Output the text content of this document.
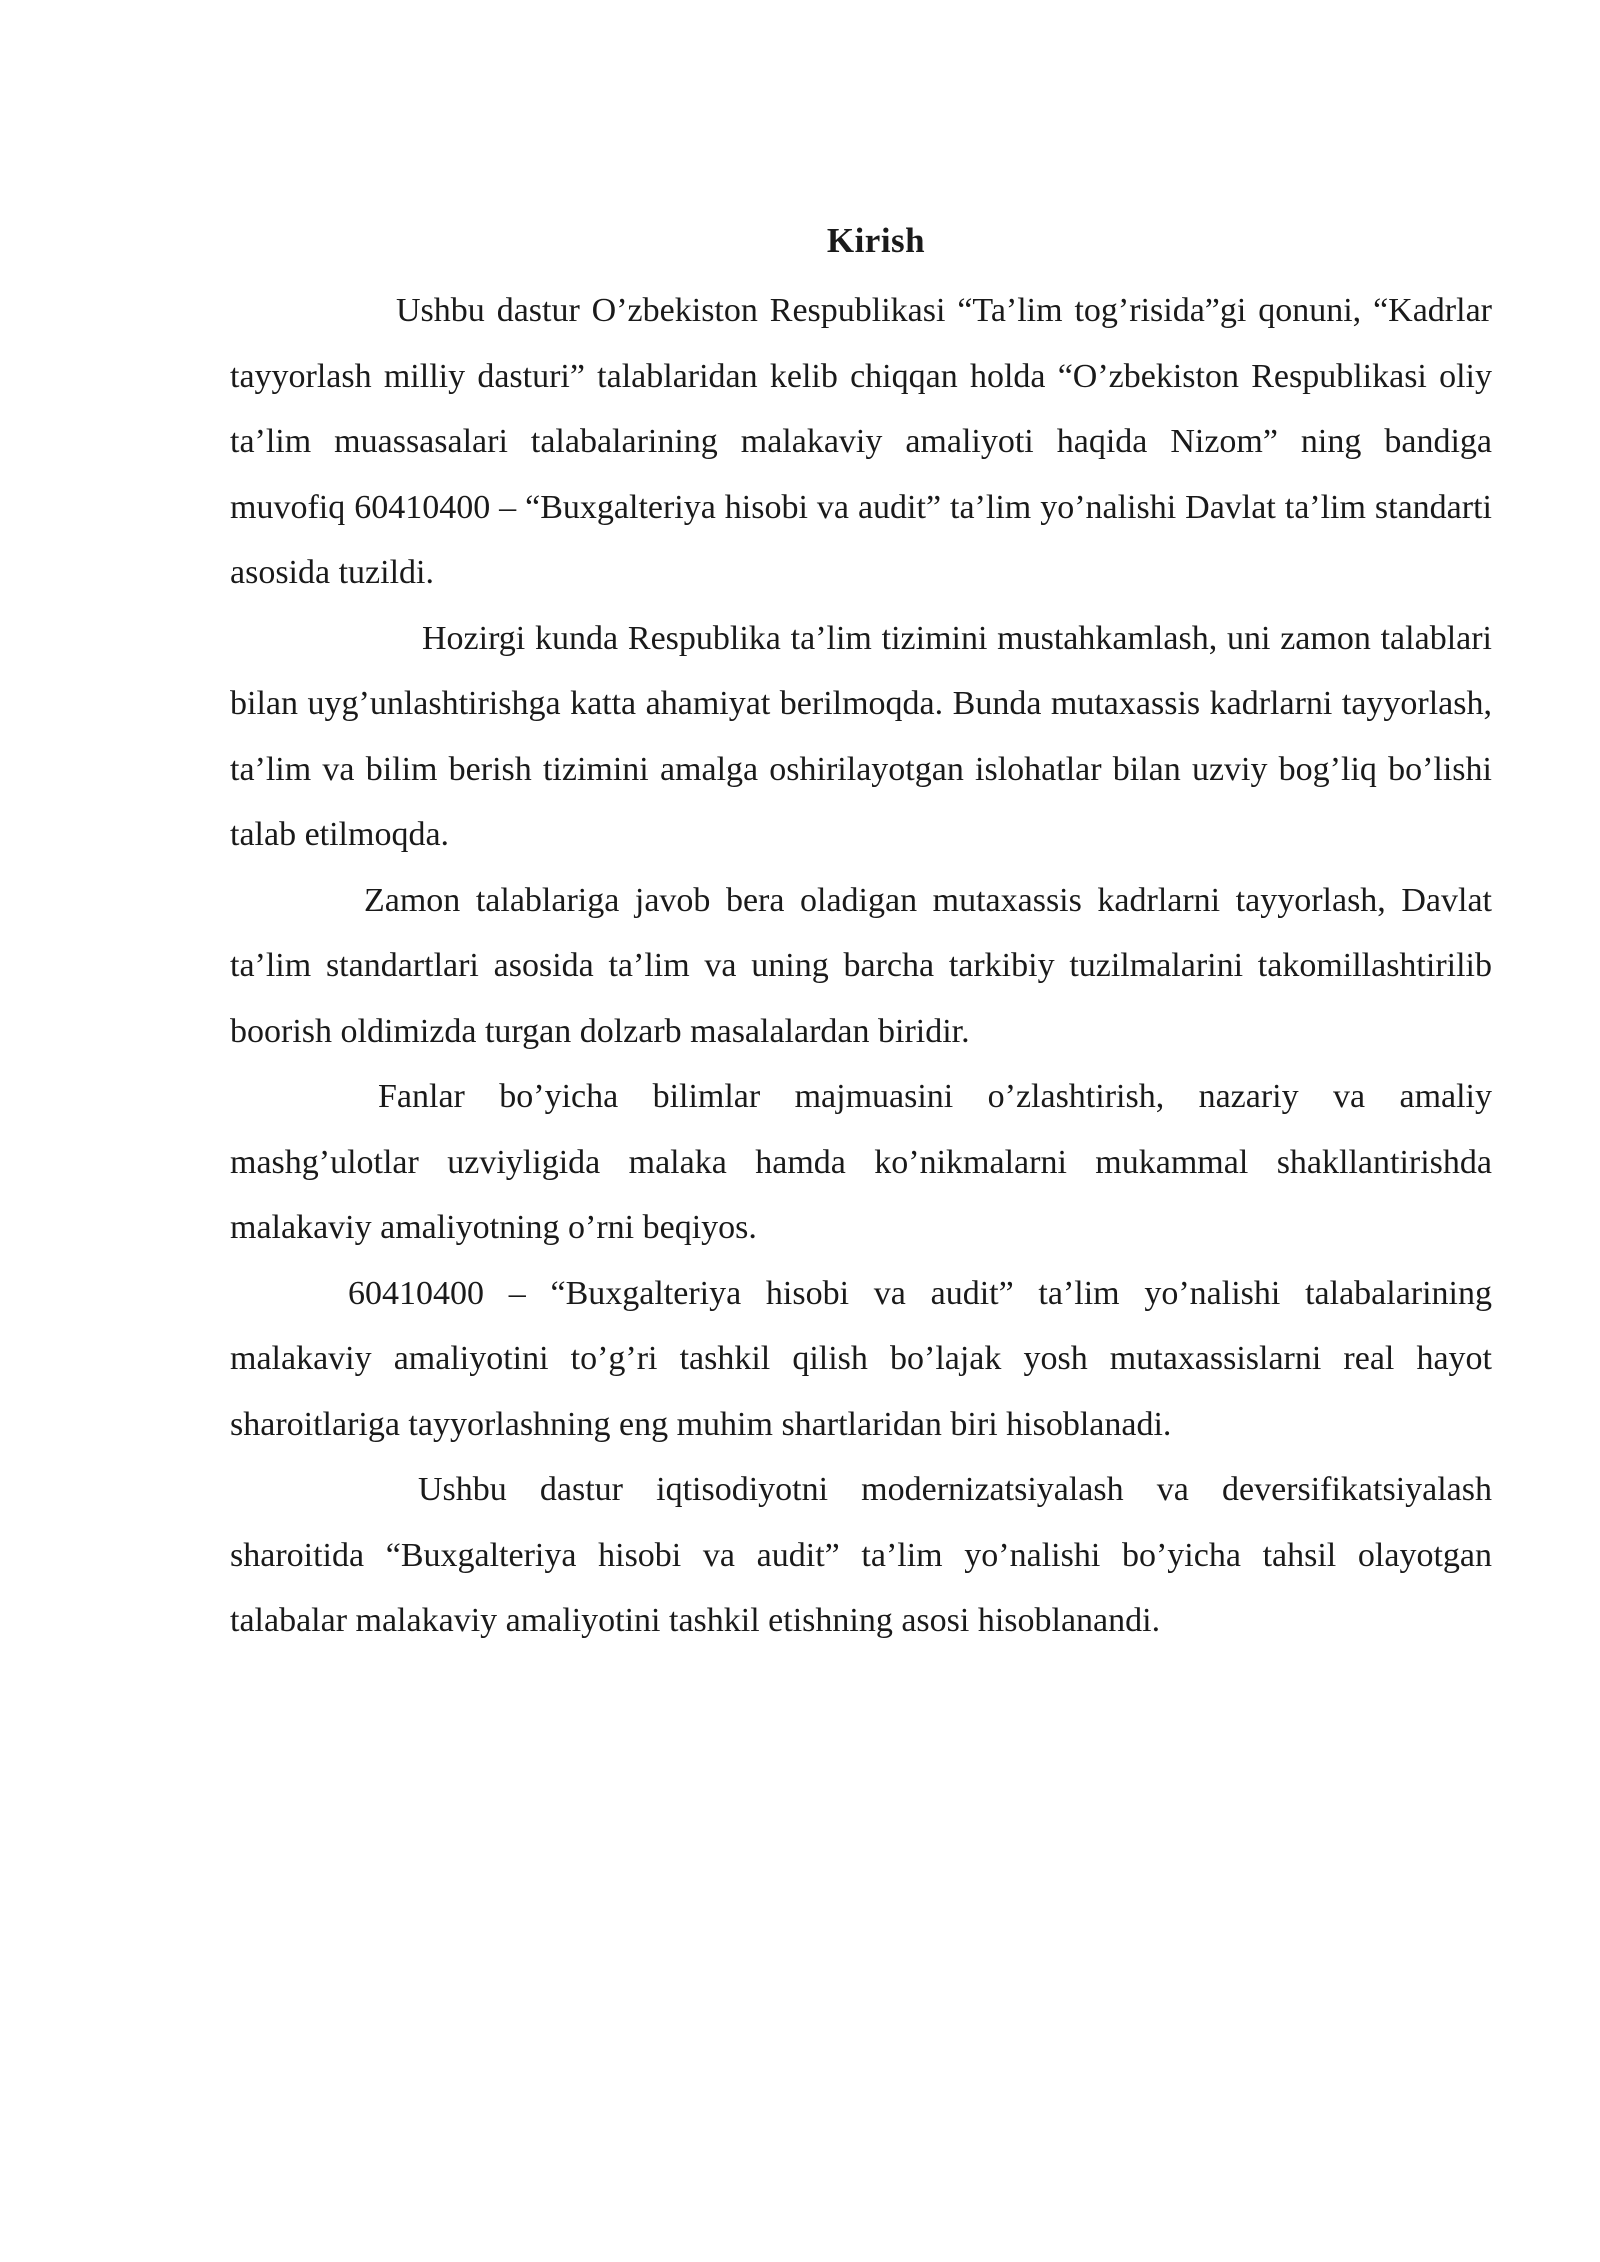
Kirish

Ushbu dastur O’zbekiston Respublikasi “Ta’lim tog’risida”gi qonuni, “Kadrlar tayyorlash milliy dasturi” talablaridan kelib chiqqan holda “O’zbekiston Respublikasi oliy ta’lim muassasalari talabalarining malakaviy amaliyoti haqida Nizom” ning bandiga muvofiq 60410400 – “Buxgalteriya hisobi va audit” ta’lim yo’nalishi Davlat ta’lim standarti asosida tuzildi.

Hozirgi kunda Respublika ta’lim tizimini mustahkamlash, uni zamon talablari bilan uyg’unlashtirishga katta ahamiyat berilmoqda. Bunda mutaxassis kadrlarni tayyorlash, ta’lim va bilim berish tizimini amalga oshirilayotgan islohatlar bilan uzviy bog’liq bo’lishi talab etilmoqda.

Zamon talablariga javob bera oladigan mutaxassis kadrlarni tayyorlash, Davlat ta’lim standartlari asosida ta’lim va uning barcha tarkibiy tuzilmalarini takomillashtirilib boorish oldimizda turgan dolzarb masalalardan biridir.

Fanlar bo’yicha bilimlar majmuasini o’zlashtirish, nazariy va amaliy mashg’ulotlar uzviyligida malaka hamda ko’nikmalarni mukammal shakllantirishda malakaviy amaliyotning o’rni beqiyos.

60410400 – “Buxgalteriya hisobi va audit” ta’lim yo’nalishi talabalarining malakaviy amaliyotini to’g’ri tashkil qilish bo’lajak yosh mutaxassislarni real hayot sharoitlariga tayyorlashning eng muhim shartlaridan biri hisoblanadi.

Ushbu dastur iqtisodiyotni modernizatsiyalash va deversifikatsiyalash sharoitida “Buxgalteriya hisobi va audit” ta’lim yo’nalishi bo’yicha tahsil olayotgan talabalar malakaviy amaliyotini tashkil etishning asosi hisoblanandi.
